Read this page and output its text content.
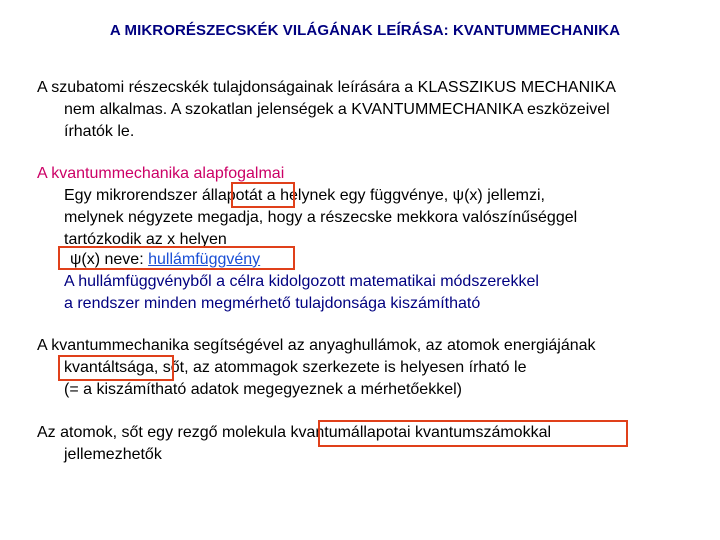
A MIKRORÉSZECSKÉK VILÁGÁNAK LEÍRÁSA: KVANTUMMECHANIKA
A szubatomi részecskék tulajdonságainak leírására a KLASSZIKUS MECHANIKA
nem alkalmas. A szokatlan jelenségek a KVANTUMMECHANIKA eszközeivel
írhatók le.
A kvantummechanika alapfogalmai
Egy mikrorendszer állapotát a helynek egy függvénye, ψ(x) jellemzi,
melynek négyzete megadja, hogy a részecske mekkora valószínűséggel
tartózkodik az x helyen
ψ(x) neve: hullámfüggvény
A hullámfüggvényből a célra kidolgozott matematikai módszerekkel
a rendszer minden megmérhető tulajdonsága kiszámítható
A kvantummechanika segítségével az anyaghullámok, az atomok energiájának
kvantáltsága, sőt, az atommagok szerkezete is helyesen írható le
(= a kiszámítható adatok megegyeznek a mérhetőekkel)
Az atomok, sőt egy rezgő molekula kvantumállapotai kvantumszámokkal
jellemezhetők
